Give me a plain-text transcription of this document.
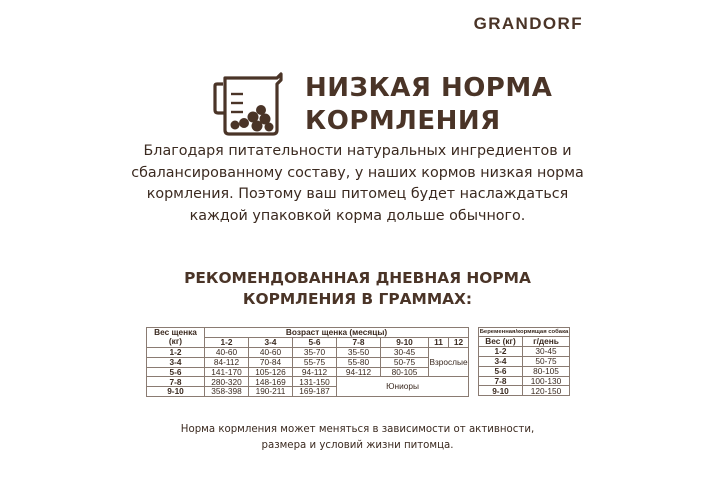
GRANDORF
НИЗКАЯ НОРМА
КОРМЛЕНИЯ
Благодаря питательности натуральных ингредиентов и
сбалансированному составу, у наших кормов низкая норма
кормления. Поэтому ваш питомец будет наслаждаться
каждой упаковкой корма дольше обычного.
РЕКОМЕНДОВАННАЯ ДНЕВНАЯ НОРМА
КОРМЛЕНИЯ В ГРАММАХ:
Вес щенка
(кг)	Возраст щенка (месяцы)						
	1-2	3-4	5-6	7-8	9-10	11	12
1-2	40-60	40-60	35-70	35-50	30-45	Взрослые	
3-4	84-112	70-84	55-75	55-80	50-75		
5-6	141-170	105-126	94-112	94-112	80-105		
7-8	280-320	148-169	131-150	Юниоры			
9-10	358-398	190-211	169-187				
Беременная/кормящая собака	
Вес (кг)	г/день
1-2	30-45
3-4	50-75
5-6	80-105
7-8	100-130
9-10	120-150
Норма кормления может меняться в зависимости от активности,
размера и условий жизни питомца.
